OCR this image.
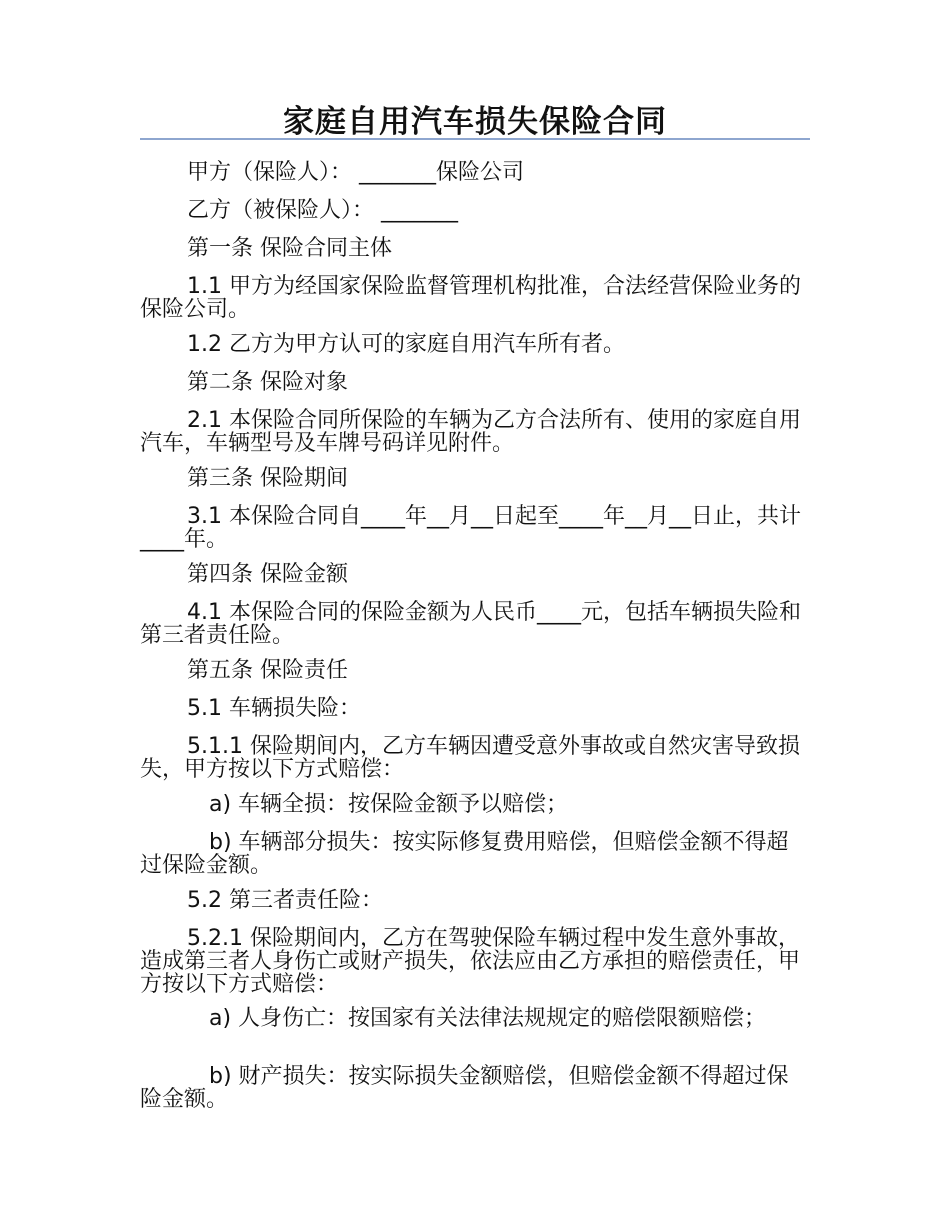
家庭自用汽车损失保险合同

甲方（保险人）： _______保险公司

乙方（被保险人）： _______

第一条 保险合同主体

1.1 甲方为经国家保险监督管理机构批准，合法经营保险业务的保险公司。

1.2 乙方为甲方认可的家庭自用汽车所有者。

第二条 保险对象

2.1 本保险合同所保险的车辆为乙方合法所有、使用的家庭自用汽车，车辆型号及车牌号码详见附件。

第三条 保险期间

3.1 本保险合同自____年__月__日起至____年__月__日止，共计____年。

第四条 保险金额

4.1 本保险合同的保险金额为人民币____元，包括车辆损失险和第三者责任险。

第五条 保险责任

5.1 车辆损失险：

5.1.1 保险期间内，乙方车辆因遭受意外事故或自然灾害导致损失，甲方按以下方式赔偿：

a) 车辆全损：按保险金额予以赔偿；

b) 车辆部分损失：按实际修复费用赔偿，但赔偿金额不得超过保险金额。

5.2 第三者责任险：

5.2.1 保险期间内，乙方在驾驶保险车辆过程中发生意外事故，造成第三者人身伤亡或财产损失，依法应由乙方承担的赔偿责任，甲方按以下方式赔偿：

a) 人身伤亡：按国家有关法律法规规定的赔偿限额赔偿；

b) 财产损失：按实际损失金额赔偿，但赔偿金额不得超过保险金额。
